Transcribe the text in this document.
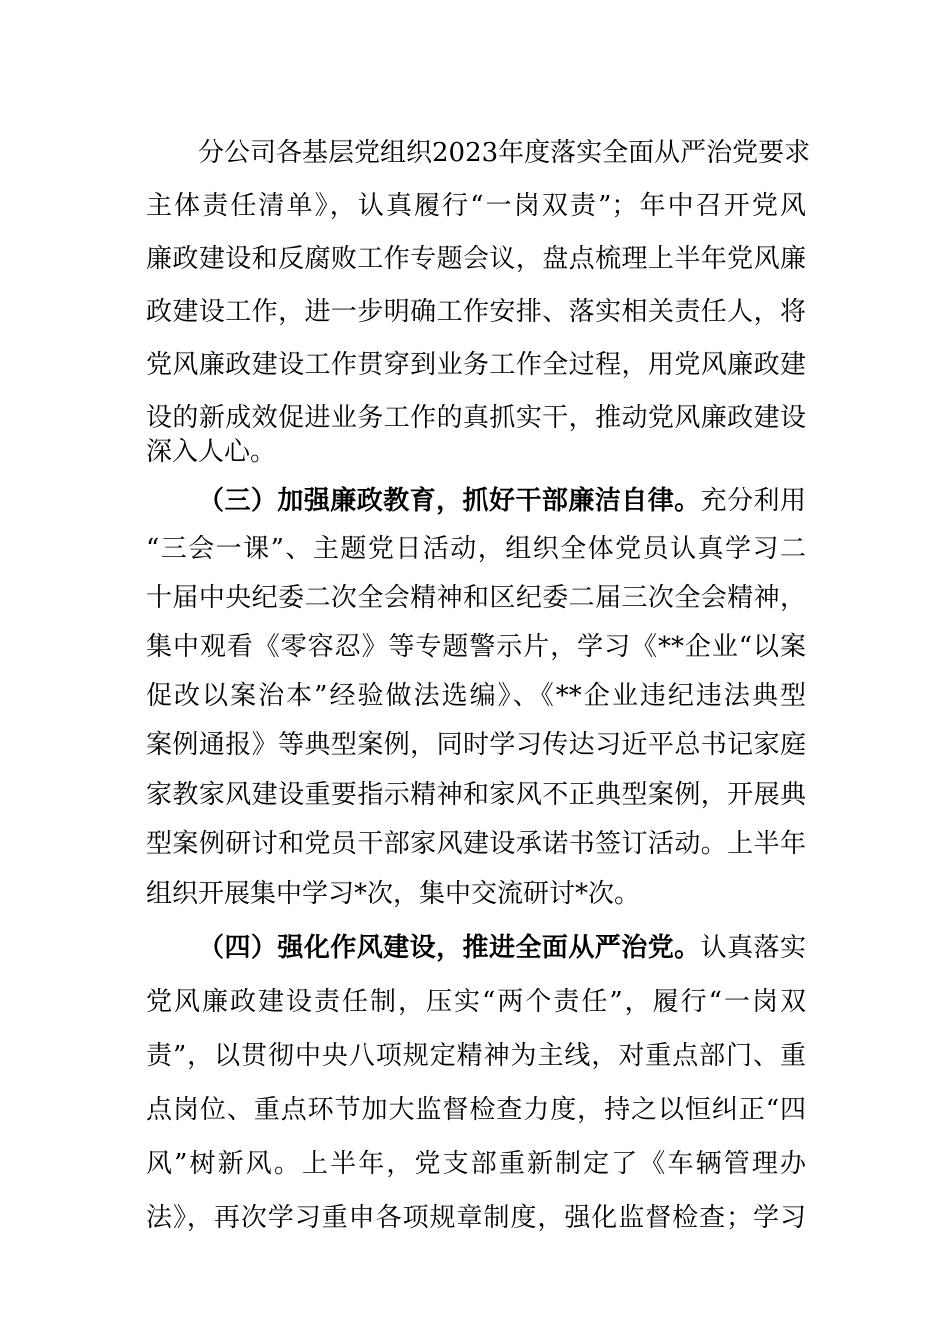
分公司各基层党组织2023年度落实全面从严治党要求
主体责任清单》，认真履行“一岗双责”；年中召开党风
廉政建设和反腐败工作专题会议，盘点梳理上半年党风廉
政建设工作，进一步明确工作安排、落实相关责任人，将
党风廉政建设工作贯穿到业务工作全过程，用党风廉政建
设的新成效促进业务工作的真抓实干，推动党风廉政建设
深入人心。
（三）加强廉政教育，抓好干部廉洁自律。充分利用
“三会一课”、主题党日活动，组织全体党员认真学习二
十届中央纪委二次全会精神和区纪委二届三次全会精神，
集中观看《零容忍》等专题警示片，学习《**企业“以案
促改以案治本”经验做法选编》、《**企业违纪违法典型
案例通报》等典型案例，同时学习传达习近平总书记家庭
家教家风建设重要指示精神和家风不正典型案例，开展典
型案例研讨和党员干部家风建设承诺书签订活动。上半年
组织开展集中学习*次，集中交流研讨*次。
（四）强化作风建设，推进全面从严治党。认真落实
党风廉政建设责任制，压实“两个责任”，履行“一岗双
责”，以贯彻中央八项规定精神为主线，对重点部门、重
点岗位、重点环节加大监督检查力度，持之以恒纠正“四
风”树新风。上半年，党支部重新制定了《车辆管理办
法》，再次学习重申各项规章制度，强化监督检查；学习
